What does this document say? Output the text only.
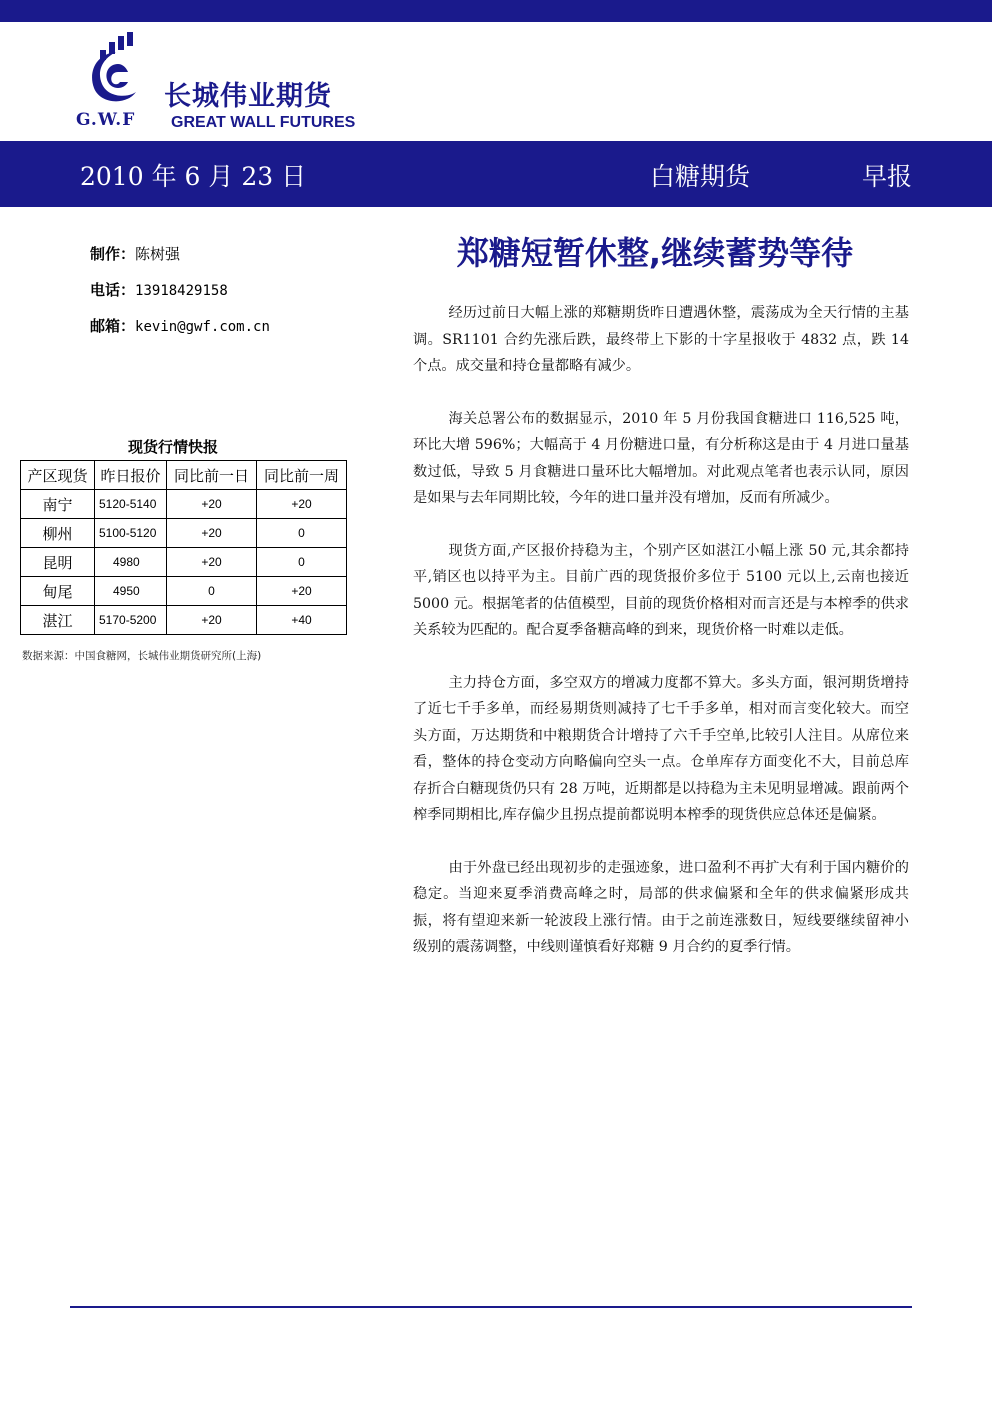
长城伟业期货
G.W.F GREAT WALL FUTURES
2010 年 6 月 23 日	白糖期货	早报
制作：陈树强
电话：13918429158
邮箱：kevin@gwf.com.cn
郑糖短暂休整,继续蓄势等待

经历过前日大幅上涨的郑糖期货昨日遭遇休整，震荡成为全天行情的主基调。SR1101 合约先涨后跌，最终带上下影的十字星报收于 4832 点，跌 14 个点。成交量和持仓量都略有减少。

海关总署公布的数据显示，2010 年 5 月份我国食糖进口 116,525 吨，环比大增 596%；大幅高于 4 月份糖进口量，有分析称这是由于 4 月进口量基数过低，导致 5 月食糖进口量环比大幅增加。对此观点笔者也表示认同，原因是如果与去年同期比较，今年的进口量并没有增加，反而有所减少。

现货方面,产区报价持稳为主，个别产区如湛江小幅上涨 50 元,其余都持平,销区也以持平为主。目前广西的现货报价多位于 5100 元以上,云南也接近 5000 元。根据笔者的估值模型，目前的现货价格相对而言还是与本榨季的供求关系较为匹配的。配合夏季备糖高峰的到来，现货价格一时难以走低。

主力持仓方面，多空双方的增减力度都不算大。多头方面，银河期货增持了近七千手多单，而经易期货则减持了七千手多单，相对而言变化较大。而空头方面，万达期货和中粮期货合计增持了六千手空单,比较引人注目。从席位来看，整体的持仓变动方向略偏向空头一点。仓单库存方面变化不大，目前总库存折合白糖现货仍只有 28 万吨，近期都是以持稳为主未见明显增减。跟前两个榨季同期相比,库存偏少且拐点提前都说明本榨季的现货供应总体还是偏紧。

由于外盘已经出现初步的走强迹象，进口盈利不再扩大有利于国内糖价的稳定。当迎来夏季消费高峰之时，局部的供求偏紧和全年的供求偏紧形成共振，将有望迎来新一轮波段上涨行情。由于之前连涨数日，短线要继续留神小级别的震荡调整，中线则谨慎看好郑糖 9 月合约的夏季行情。

现货行情快报
产区现货	昨日报价	同比前一日	同比前一周
南宁	5120-5140	+20	+20
柳州	5100-5120	+20	0
昆明	4980	+20	0
甸尾	4950	0	+20
湛江	5170-5200	+20	+40
数据来源：中国食糖网，长城伟业期货研究所(上海)
